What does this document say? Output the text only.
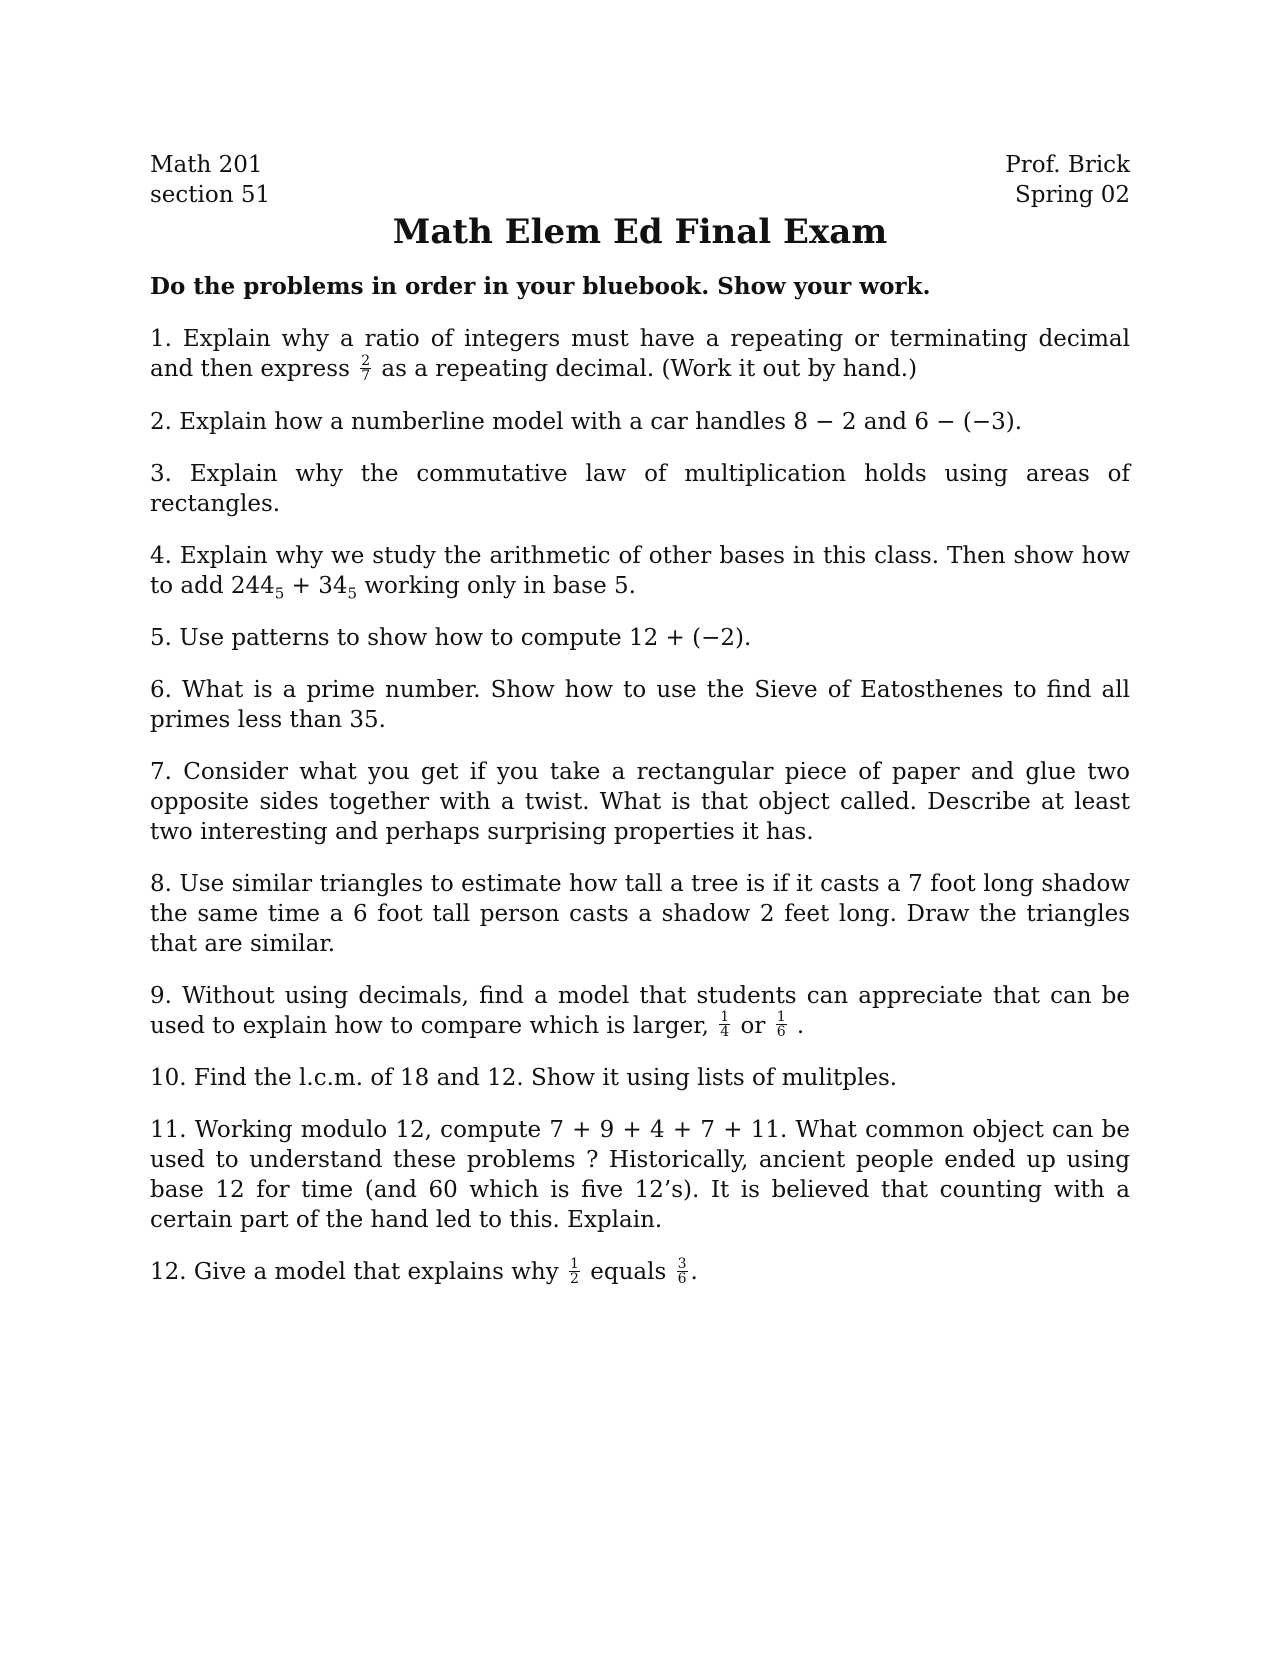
Math 201
section 51
Prof. Brick
Spring 02
Math Elem Ed Final Exam
Do the problems in order in your bluebook. Show your work.
1. Explain why a ratio of integers must have a repeating or terminating decimal and then express $\frac{2}{7}$ as a repeating decimal. (Work it out by hand.)
2. Explain how a numberline model with a car handles 8 − 2 and 6 − (−3).
3. Explain why the commutative law of multiplication holds using areas of rectangles.
4. Explain why we study the arithmetic of other bases in this class. Then show how to add $244_5 + 34_5$ working only in base 5.
5. Use patterns to show how to compute 12 + (−2).
6. What is a prime number. Show how to use the Sieve of Eatosthenes to find all primes less than 35.
7. Consider what you get if you take a rectangular piece of paper and glue two opposite sides together with a twist. What is that object called. Describe at least two interesting and perhaps surprising properties it has.
8. Use similar triangles to estimate how tall a tree is if it casts a 7 foot long shadow the same time a 6 foot tall person casts a shadow 2 feet long. Draw the triangles that are similar.
9. Without using decimals, find a model that students can appreciate that can be used to explain how to compare which is larger, $\frac{1}{4}$ or $\frac{1}{6}$ .
10. Find the l.c.m. of 18 and 12. Show it using lists of mulitples.
11. Working modulo 12, compute 7 + 9 + 4 + 7 + 11. What common object can be used to understand these problems ? Historically, ancient people ended up using base 12 for time (and 60 which is five 12’s). It is believed that counting with a certain part of the hand led to this. Explain.
12. Give a model that explains why $\frac{1}{2}$ equals $\frac{3}{6}$ .
